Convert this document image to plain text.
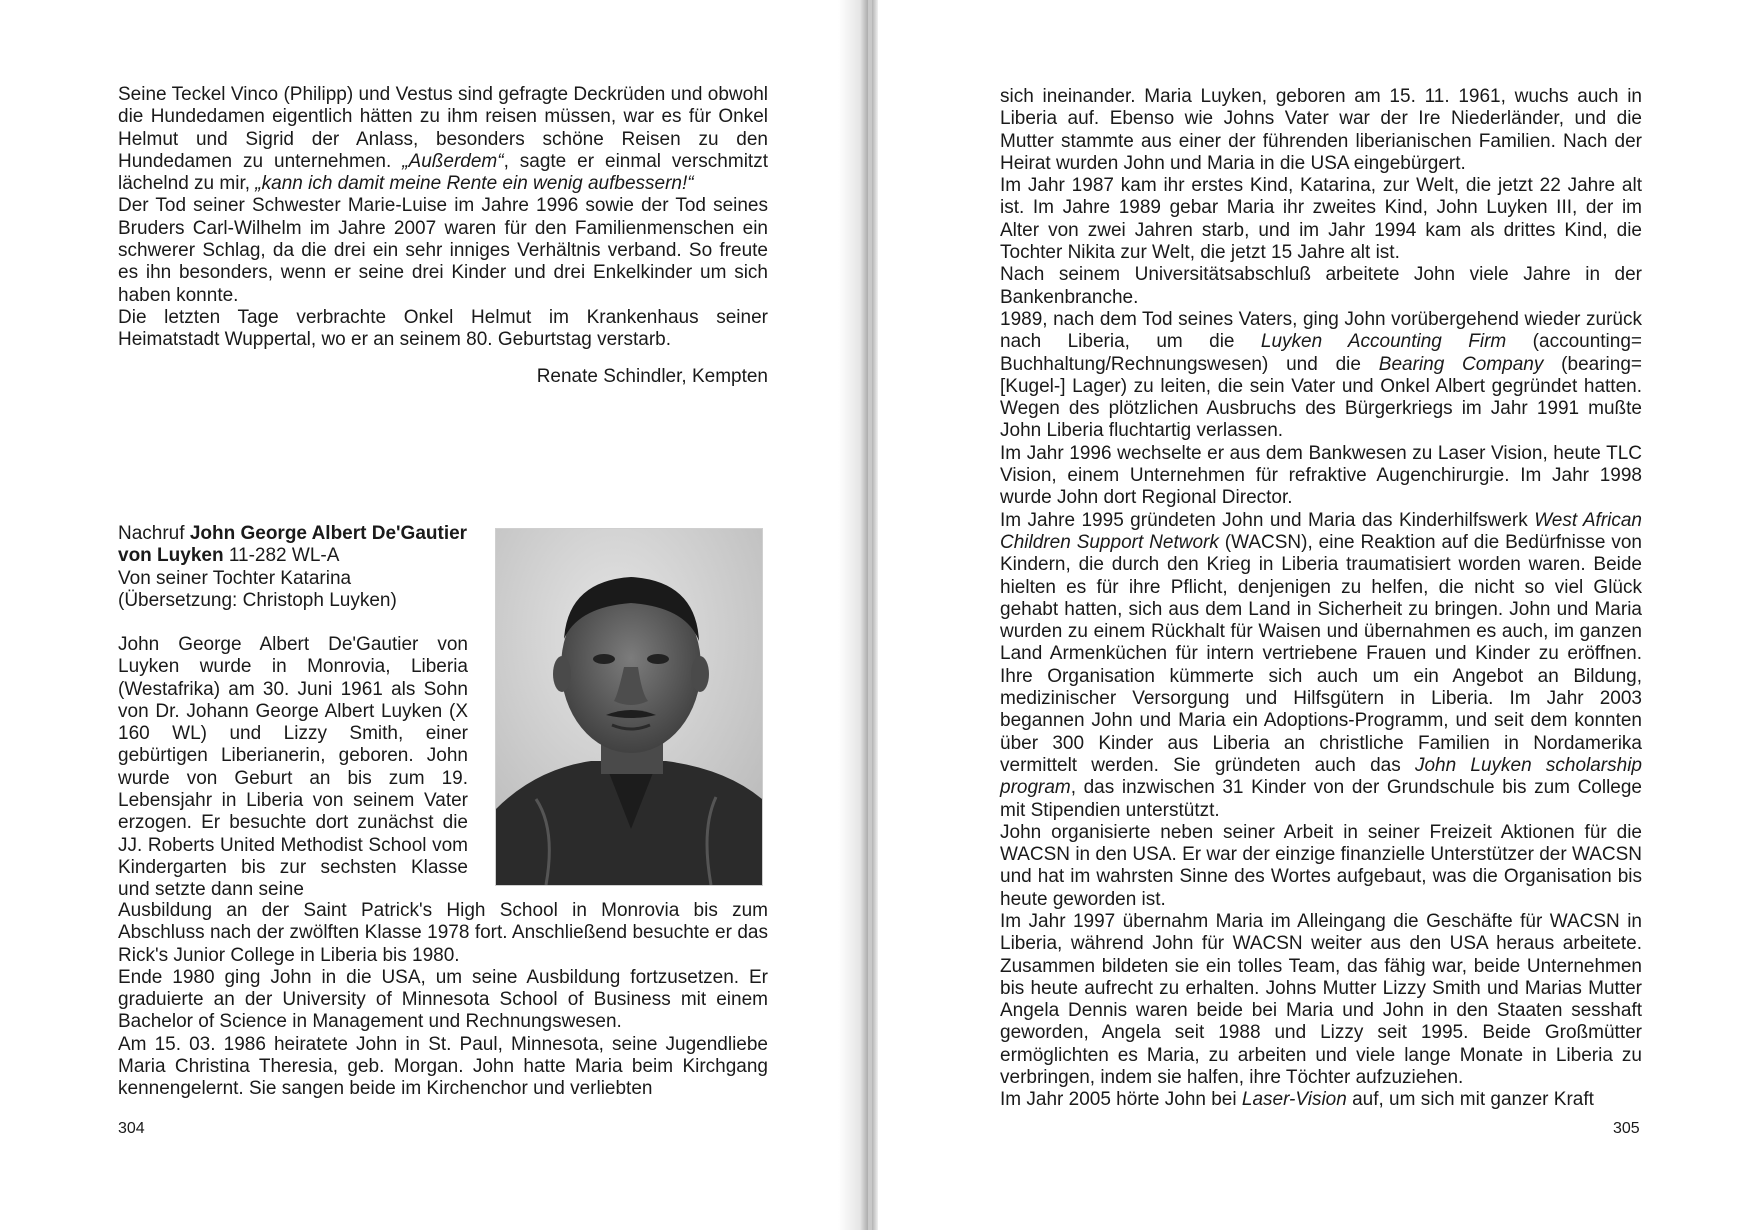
Seine Teckel Vinco (Philipp) und Vestus sind gefragte Deckrüden und obwohl die Hundedamen eigentlich hätten zu ihm reisen müssen, war es für Onkel Helmut und Sigrid der Anlass, besonders schöne Reisen zu den Hundedamen zu unternehmen. „Außerdem“, sagte er einmal verschmitzt lächelnd zu mir, „kann ich damit meine Rente ein wenig aufbessern!“

Der Tod seiner Schwester Marie-Luise im Jahre 1996 sowie der Tod seines Bruders Carl-Wilhelm im Jahre 2007 waren für den Familienmenschen ein schwerer Schlag, da die drei ein sehr inniges Verhältnis verband. So freute es ihn besonders, wenn er seine drei Kinder und drei Enkelkinder um sich haben konnte.

Die letzten Tage verbrachte Onkel Helmut im Krankenhaus seiner Heimatstadt Wuppertal, wo er an seinem 80. Geburtstag verstarb.

Renate Schindler, Kempten

Nachruf John George Albert De'Gautier von Luyken 11-282 WL-A

Von seiner Tochter Katarina

(Übersetzung: Christoph Luyken)

John George Albert De'Gautier von Luyken wurde in Monrovia, Liberia (Westafrika) am 30. Juni 1961 als Sohn von Dr. Johann George Albert Luyken (X 160 WL) und Lizzy Smith, einer gebürtigen Liberianerin, geboren. John wurde von Geburt an bis zum 19. Lebensjahr in Liberia von seinem Vater erzogen. Er besuchte dort zunächst die JJ. Roberts United Methodist School vom Kindergarten bis zur sechsten Klasse und setzte dann seine

Ausbildung an der Saint Patrick's High School in Monrovia bis zum Abschluss nach der zwölften Klasse 1978 fort. Anschließend besuchte er das Rick's Junior College in Liberia bis 1980.

Ende 1980 ging John in die USA, um seine Ausbildung fortzusetzen. Er graduierte an der University of Minnesota School of Business mit einem Bachelor of Science in Management und Rechnungswesen.

Am 15. 03. 1986 heiratete John in St. Paul, Minnesota, seine Jugendliebe Maria Christina Theresia, geb. Morgan. John hatte Maria beim Kirchgang kennengelernt. Sie sangen beide im Kirchenchor und verliebten

304

sich ineinander. Maria Luyken, geboren am 15. 11. 1961, wuchs auch in Liberia auf. Ebenso wie Johns Vater war der Ire Niederländer, und die Mutter stammte aus einer der führenden liberianischen Familien. Nach der Heirat wurden John und Maria in die USA eingebürgert.

Im Jahr 1987 kam ihr erstes Kind, Katarina, zur Welt, die jetzt 22 Jahre alt ist. Im Jahre 1989 gebar Maria ihr zweites Kind, John Luyken III, der im Alter von zwei Jahren starb, und im Jahr 1994 kam als drittes Kind, die Tochter Nikita zur Welt, die jetzt 15 Jahre alt ist.

Nach seinem Universitätsabschluß arbeitete John viele Jahre in der Bankenbranche.

1989, nach dem Tod seines Vaters, ging John vorübergehend wieder zurück nach Liberia, um die Luyken Accounting Firm (accounting= Buchhaltung/Rechnungswesen) und die Bearing Company (bearing= [Kugel-] Lager) zu leiten, die sein Vater und Onkel Albert gegründet hatten. Wegen des plötzlichen Ausbruchs des Bürgerkriegs im Jahr 1991 mußte John Liberia fluchtartig verlassen.

Im Jahr 1996 wechselte er aus dem Bankwesen zu Laser Vision, heute TLC Vision, einem Unternehmen für refraktive Augenchirurgie. Im Jahr 1998 wurde John dort Regional Director.

Im Jahre 1995 gründeten John und Maria das Kinderhilfswerk West African Children Support Network (WACSN), eine Reaktion auf die Bedürfnisse von Kindern, die durch den Krieg in Liberia traumatisiert worden waren. Beide hielten es für ihre Pflicht, denjenigen zu helfen, die nicht so viel Glück gehabt hatten, sich aus dem Land in Sicherheit zu bringen. John und Maria wurden zu einem Rückhalt für Waisen und übernahmen es auch, im ganzen Land Armenküchen für intern vertriebene Frauen und Kinder zu eröffnen. Ihre Organisation kümmerte sich auch um ein Angebot an Bildung, medizinischer Versorgung und Hilfsgütern in Liberia. Im Jahr 2003 begannen John und Maria ein Adoptions-Programm, und seit dem konnten über 300 Kinder aus Liberia an christliche Familien in Nordamerika vermittelt werden. Sie gründeten auch das John Luyken scholarship program, das inzwischen 31 Kinder von der Grundschule bis zum College mit Stipendien unterstützt.

John organisierte neben seiner Arbeit in seiner Freizeit Aktionen für die WACSN in den USA. Er war der einzige finanzielle Unterstützer der WACSN und hat im wahrsten Sinne des Wortes aufgebaut, was die Organisation bis heute geworden ist.

Im Jahr 1997 übernahm Maria im Alleingang die Geschäfte für WACSN in Liberia, während John für WACSN weiter aus den USA heraus arbeitete. Zusammen bildeten sie ein tolles Team, das fähig war, beide Unternehmen bis heute aufrecht zu erhalten. Johns Mutter Lizzy Smith und Marias Mutter Angela Dennis waren beide bei Maria und John in den Staaten sesshaft geworden, Angela seit 1988 und Lizzy seit 1995. Beide Großmütter ermöglichten es Maria, zu arbeiten und viele lange Monate in Liberia zu verbringen, indem sie halfen, ihre Töchter aufzuziehen.

Im Jahr 2005 hörte John bei Laser-Vision auf, um sich mit ganzer Kraft

305
